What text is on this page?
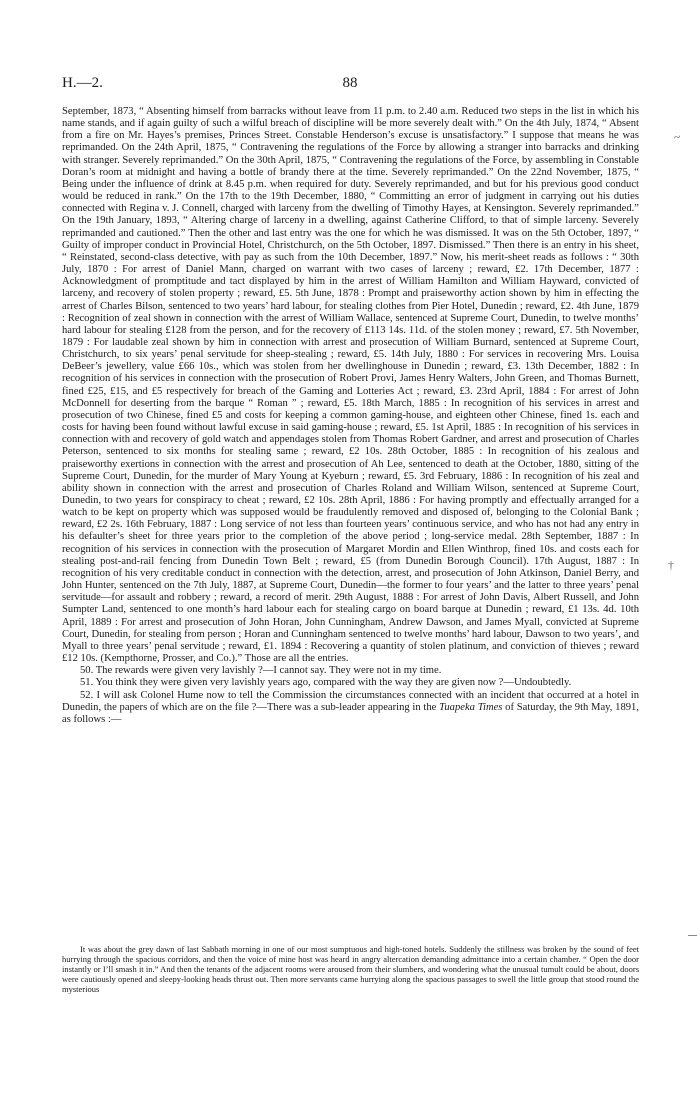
H.—2.	88

September, 1873, “ Absenting himself from barracks without leave from 11 p.m. to 2.40 a.m. Reduced two steps in the list in which his name stands, and if again guilty of such a wilful breach of discipline will be more severely dealt with.” On the 4th July, 1874, “ Absent from a fire on Mr. Hayes’s premises, Princes Street. Constable Henderson’s excuse is unsatisfactory.” I suppose that means he was reprimanded. On the 24th April, 1875, “ Contravening the regulations of the Force by allowing a stranger into barracks and drinking with stranger. Severely reprimanded.” On the 30th April, 1875, “ Contravening the regulations of the Force, by assembling in Constable Doran’s room at midnight and having a bottle of brandy there at the time. Severely reprimanded.” On the 22nd November, 1875, “ Being under the influence of drink at 8.45 p.m. when required for duty. Severely reprimanded, and but for his previous good conduct would be reduced in rank.” On the 17th to the 19th December, 1880, “ Committing an error of judgment in carrying out his duties connected with Regina v. J. Connell, charged with larceny from the dwelling of Timothy Hayes, at Kensington. Severely reprimanded.” On the 19th January, 1893, “ Altering charge of larceny in a dwelling, against Catherine Clifford, to that of simple larceny. Severely reprimanded and cautioned.” Then the other and last entry was the one for which he was dismissed. It was on the 5th October, 1897, “ Guilty of improper conduct in Provincial Hotel, Christchurch, on the 5th October, 1897. Dismissed.” Then there is an entry in his sheet, “ Reinstated, second-class detective, with pay as such from the 10th December, 1897.” Now, his merit-sheet reads as follows : “ 30th July, 1870 : For arrest of Daniel Mann, charged on warrant with two cases of larceny ; reward, £2. 17th December, 1877 : Acknowledgment of promptitude and tact displayed by him in the arrest of William Hamilton and William Hayward, convicted of larceny, and recovery of stolen property ; reward, £5. 5th June, 1878 : Prompt and praiseworthy action shown by him in effecting the arrest of Charles Bilson, sentenced to two years’ hard labour, for stealing clothes from Pier Hotel, Dunedin ; reward, £2. 4th June, 1879 : Recognition of zeal shown in connection with the arrest of William Wallace, sentenced at Supreme Court, Dunedin, to twelve months’ hard labour for stealing £128 from the person, and for the recovery of £113 14s. 11d. of the stolen money ; reward, £7. 5th November, 1879 : For laudable zeal shown by him in connection with arrest and prosecution of William Burnard, sentenced at Supreme Court, Christchurch, to six years’ penal servitude for sheep-stealing ; reward, £5. 14th July, 1880 : For services in recovering Mrs. Louisa DeBeer’s jewellery, value £66 10s., which was stolen from her dwellinghouse in Dunedin ; reward, £3. 13th December, 1882 : In recognition of his services in connection with the prosecution of Robert Provi, James Henry Walters, John Green, and Thomas Burnett, fined £25, £15, and £5 respectively for breach of the Gaming and Lotteries Act ; reward, £3. 23rd April, 1884 : For arrest of John McDonnell for deserting from the barque “ Roman ” ; reward, £5. 18th March, 1885 : In recognition of his services in arrest and prosecution of two Chinese, fined £5 and costs for keeping a common gaming-house, and eighteen other Chinese, fined 1s. each and costs for having been found without lawful excuse in said gaming-house ; reward, £5. 1st April, 1885 : In recognition of his services in connection with and recovery of gold watch and appendages stolen from Thomas Robert Gardner, and arrest and prosecution of Charles Peterson, sentenced to six months for stealing same ; reward, £2 10s. 28th October, 1885 : In recognition of his zealous and praiseworthy exertions in connection with the arrest and prosecution of Ah Lee, sentenced to death at the October, 1880, sitting of the Supreme Court, Dunedin, for the murder of Mary Young at Kyeburn ; reward, £5. 3rd February, 1886 : In recognition of his zeal and ability shown in connection with the arrest and prosecution of Charles Roland and William Wilson, sentenced at Supreme Court, Dunedin, to two years for conspiracy to cheat ; reward, £2 10s. 28th April, 1886 : For having promptly and effectually arranged for a watch to be kept on property which was supposed would be fraudulently removed and disposed of, belonging to the Colonial Bank ; reward, £2 2s. 16th February, 1887 : Long service of not less than fourteen years’ continuous service, and who has not had any entry in his defaulter’s sheet for three years prior to the completion of the above period ; long-service medal. 28th September, 1887 : In recognition of his services in connection with the prosecution of Margaret Mordin and Ellen Winthrop, fined 10s. and costs each for stealing post-and-rail fencing from Dunedin Town Belt ; reward, £5 (from Dunedin Borough Council). 17th August, 1887 : In recognition of his very creditable conduct in connection with the detection, arrest, and prosecution of John Atkinson, Daniel Berry, and John Hunter, sentenced on the 7th July, 1887, at Supreme Court, Dunedin—the former to four years’ and the latter to three years’ penal servitude—for assault and robbery ; reward, a record of merit. 29th August, 1888 : For arrest of John Davis, Albert Russell, and John Sumpter Land, sentenced to one month’s hard labour each for stealing cargo on board barque at Dunedin ; reward, £1 13s. 4d. 10th April, 1889 : For arrest and prosecution of John Horan, John Cunningham, Andrew Dawson, and James Myall, convicted at Supreme Court, Dunedin, for stealing from person ; Horan and Cunningham sentenced to twelve months’ hard labour, Dawson to two years’, and Myall to three years’ penal servitude ; reward, £1. 1894 : Recovering a quantity of stolen platinum, and conviction of thieves ; reward £12 10s. (Kempthorne, Prosser, and Co.).” Those are all the entries.

50. The rewards were given very lavishly ?—I cannot say. They were not in my time.

51. You think they were given very lavishly years ago, compared with the way they are given now ?—Undoubtedly.

52. I will ask Colonel Hume now to tell the Commission the circumstances connected with an incident that occurred at a hotel in Dunedin, the papers of which are on the file ?—There was a sub-leader appearing in the Tuapeka Times of Saturday, the 9th May, 1891, as follows :—

It was about the grey dawn of last Sabbath morning in one of our most sumptuous and high-toned hotels. Suddenly the stillness was broken by the sound of feet hurrying through the spacious corridors, and then the voice of mine host was heard in angry altercation demanding admittance into a certain chamber. “ Open the door instantly or I’ll smash it in.” And then the tenants of the adjacent rooms were aroused from their slumbers, and wondering what the unusual tumult could be about, doors were cautiously opened and sleepy-looking heads thrust out. Then more servants came hurrying along the spacious passages to swell the little group that stood round the mysterious

~
†
